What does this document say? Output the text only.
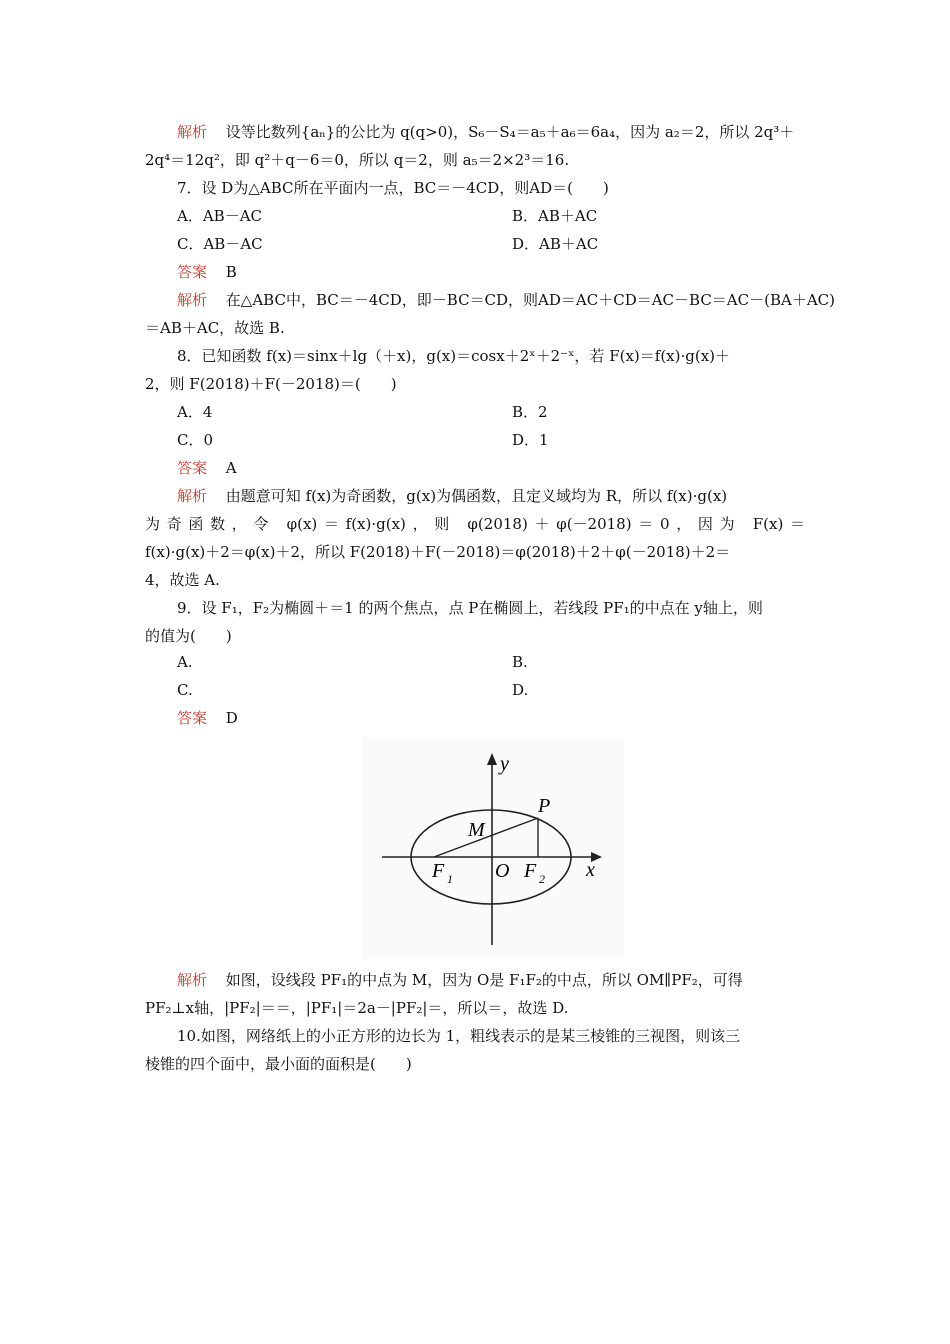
解析 设等比数列{aₙ}的公比为 q(q>0)，S₆－S₄＝a₅＋a₆＝6a₄，因为 a₂＝2，所以 2q³＋
2q⁴＝12q²，即 q²＋q－6＝0，所以 q＝2，则 a₅＝2×2³＝16.
7．设 D为△ABC所在平面内一点，BC＝－4CD，则AD＝(　　)
A．AB－AC	B．AB＋AC
C．AB－AC	D．AB＋AC
答案 B
解析 在△ABC中，BC＝－4CD，即－BC＝CD，则AD＝AC＋CD＝AC－BC＝AC－(BA＋AC)
＝AB＋AC，故选 B.
8．已知函数 f(x)＝sinx＋lg（＋x)，g(x)＝cosx＋2ˣ＋2⁻ˣ，若 F(x)＝f(x)·g(x)＋
2，则 F(2018)＋F(－2018)＝(　　)
A．4	B．2
C．0	D．1
答案 A
解析 由题意可知 f(x)为奇函数，g(x)为偶函数，且定义域均为 R，所以 f(x)·g(x)
为奇函数，令 φ(x)＝f(x)·g(x)，则 φ(2018)＋φ(－2018)＝0，因为 F(x)＝
f(x)·g(x)＋2＝φ(x)＋2，所以 F(2018)＋F(－2018)＝φ(2018)＋2＋φ(－2018)＋2＝
4，故选 A.
9．设 F₁，F₂为椭圆＋＝1 的两个焦点，点 P在椭圆上，若线段 PF₁的中点在 y轴上，则
的值为(　　)
A.	B.
C.	D.
答案 D
y
x
P
M
O
F 1	F 2
解析 如图，设线段 PF₁的中点为 M，因为 O是 F₁F₂的中点，所以 OM∥PF₂，可得
PF₂⊥x轴，|PF₂|＝＝，|PF₁|＝2a－|PF₂|＝，所以＝，故选 D.
10.如图，网络纸上的小正方形的边长为 1，粗线表示的是某三棱锥的三视图，则该三
棱锥的四个面中，最小面的面积是(　　)
